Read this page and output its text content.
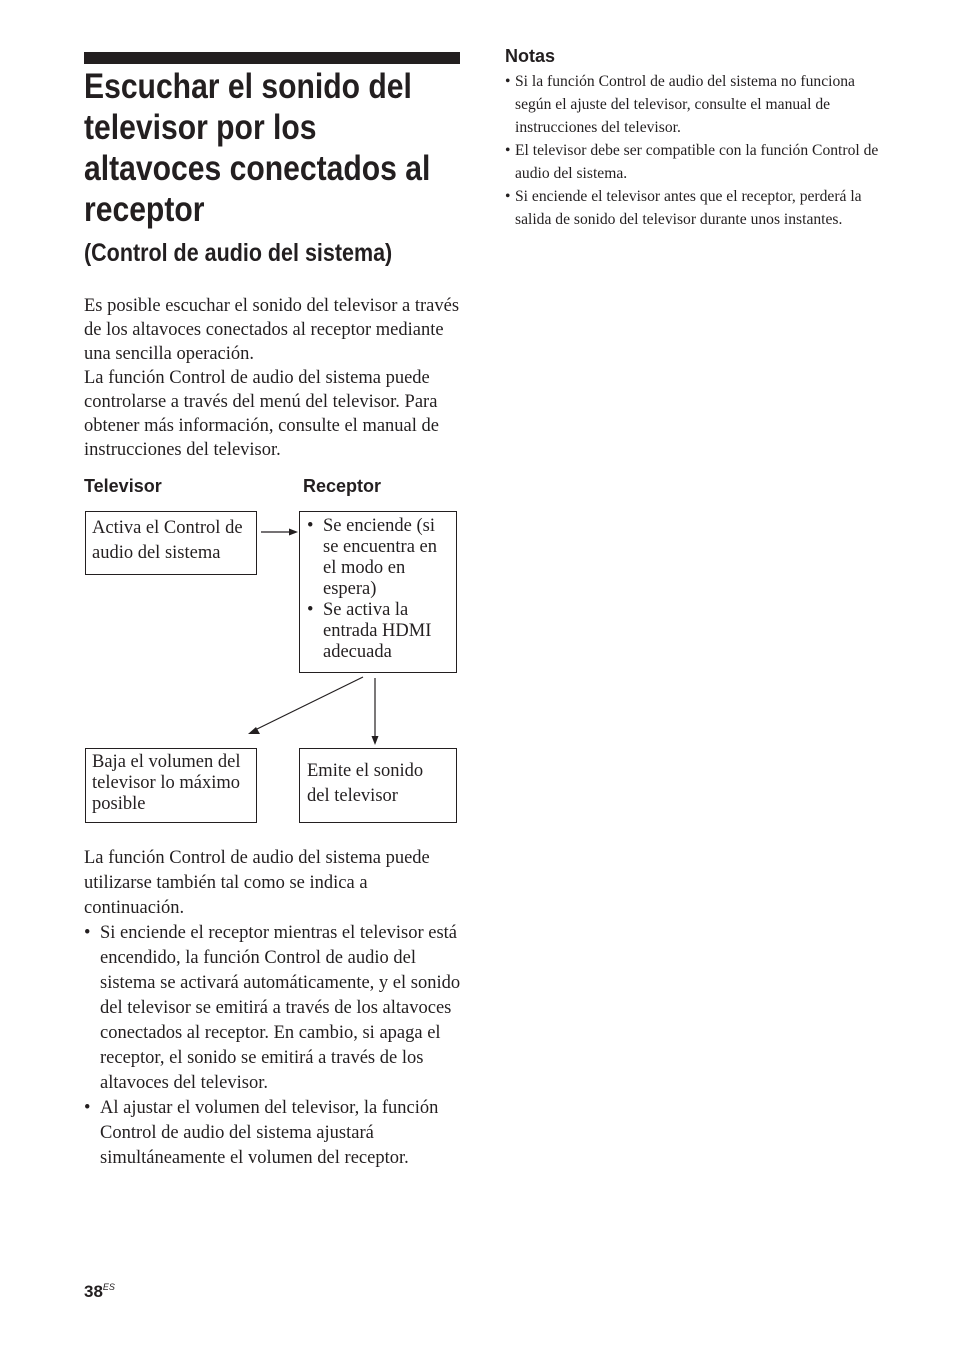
Escuchar el sonido del televisor por los altavoces conectados al receptor
(Control de audio del sistema)
Es posible escuchar el sonido del televisor a través de los altavoces conectados al receptor mediante una sencilla operación.
La función Control de audio del sistema puede controlarse a través del menú del televisor. Para obtener más información, consulte el manual de instrucciones del televisor.

Televisor	Receptor

Activa el Control de audio del sistema

• Se enciende (si se encuentra en el modo en espera)
• Se activa la entrada HDMI adecuada

Baja el volumen del televisor lo máximo posible

Emite el sonido del televisor

La función Control de audio del sistema puede utilizarse también tal como se indica a continuación.

• Si enciende el receptor mientras el televisor está encendido, la función Control de audio del sistema se activará automáticamente, y el sonido del televisor se emitirá a través de los altavoces conectados al receptor. En cambio, si apaga el receptor, el sonido se emitirá a través de los altavoces del televisor.
• Al ajustar el volumen del televisor, la función Control de audio del sistema ajustará simultáneamente el volumen del receptor.

Notas

• Si la función Control de audio del sistema no funciona según el ajuste del televisor, consulte el manual de instrucciones del televisor.
• El televisor debe ser compatible con la función Control de audio del sistema.
• Si enciende el televisor antes que el receptor, perderá la salida de sonido del televisor durante unos instantes.
$38^{ES}$
